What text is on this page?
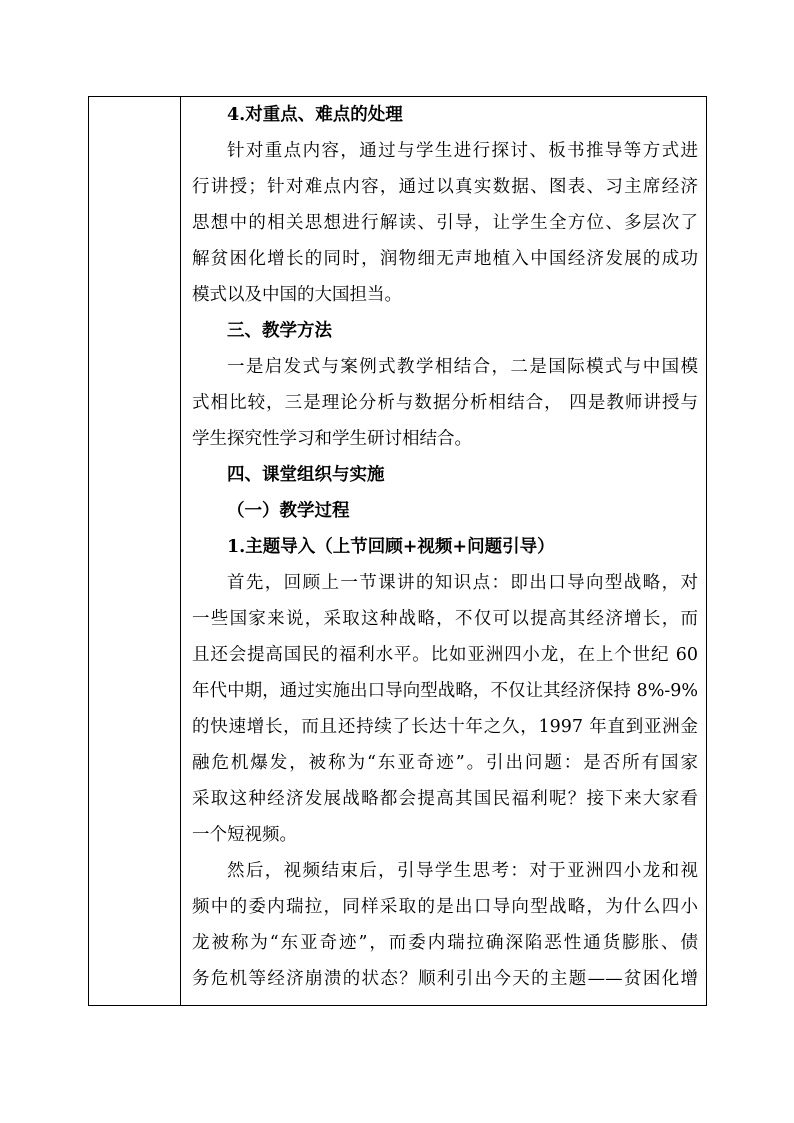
4.对重点、难点的处理
针对重点内容，通过与学生进行探讨、板书推导等方式进
行讲授；针对难点内容，通过以真实数据、图表、习主席经济
思想中的相关思想进行解读、引导，让学生全方位、多层次了
解贫困化增长的同时，润物细无声地植入中国经济发展的成功
模式以及中国的大国担当。
三、教学方法
一是启发式与案例式教学相结合，二是国际模式与中国模
式相比较，三是理论分析与数据分析相结合， 四是教师讲授与
学生探究性学习和学生研讨相结合。
四、课堂组织与实施
（一）教学过程
1.主题导入（上节回顾+视频+问题引导）
首先，回顾上一节课讲的知识点：即出口导向型战略，对
一些国家来说，采取这种战略，不仅可以提高其经济增长，而
且还会提高国民的福利水平。比如亚洲四小龙，在上个世纪 60
年代中期，通过实施出口导向型战略，不仅让其经济保持 8%-9%
的快速增长，而且还持续了长达十年之久，1997 年直到亚洲金
融危机爆发，被称为“东亚奇迹”。引出问题：是否所有国家
采取这种经济发展战略都会提高其国民福利呢？接下来大家看
一个短视频。
然后，视频结束后，引导学生思考：对于亚洲四小龙和视
频中的委内瑞拉，同样采取的是出口导向型战略，为什么四小
龙被称为“东亚奇迹”，而委内瑞拉确深陷恶性通货膨胀、债
务危机等经济崩溃的状态？顺利引出今天的主题——贫困化增
